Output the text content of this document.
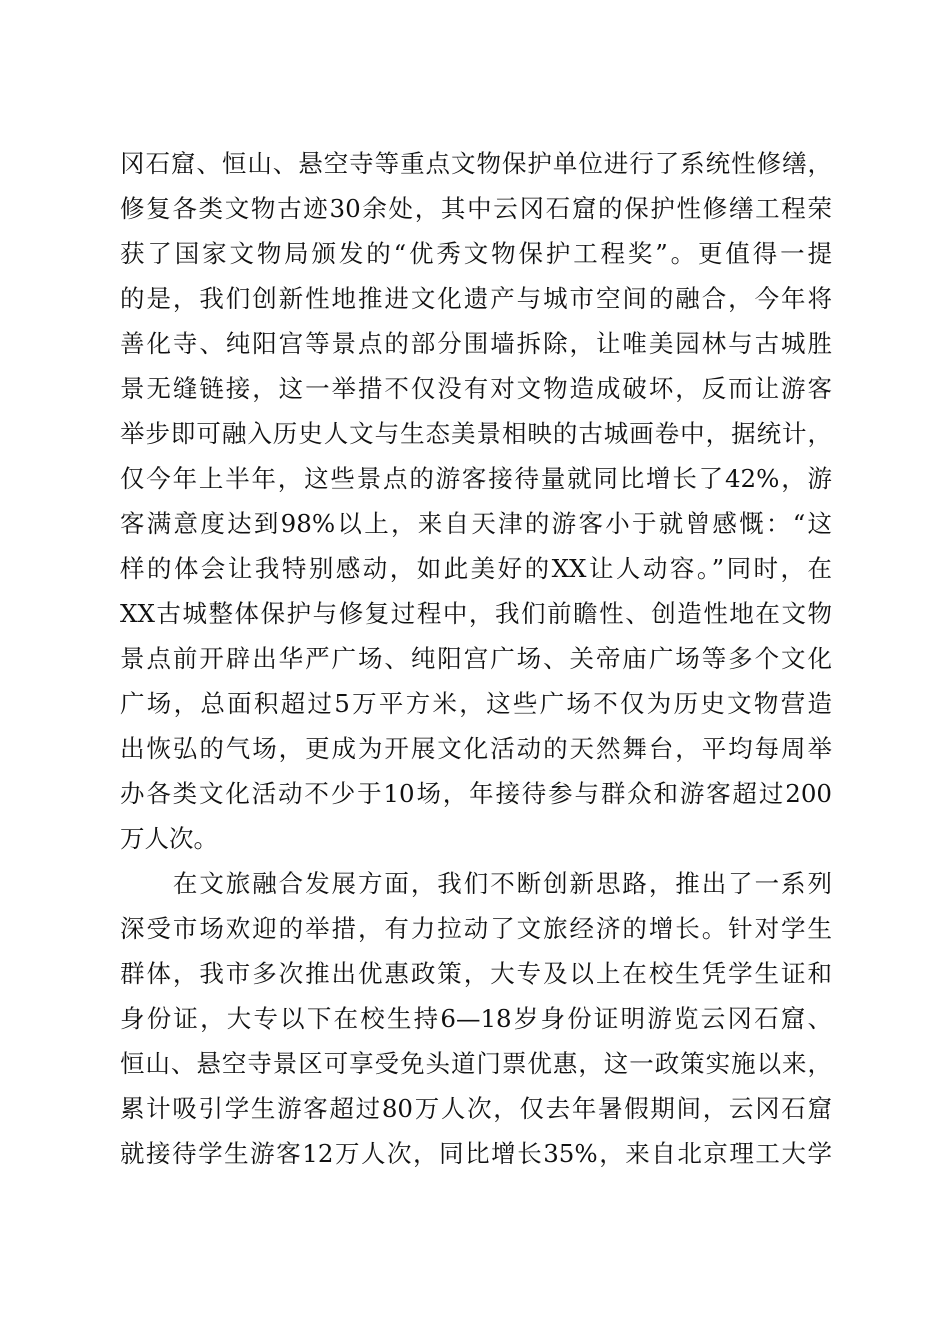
冈石窟、恒山、悬空寺等重点文物保护单位进行了系统性修缮，
修复各类文物古迹30余处，其中云冈石窟的保护性修缮工程荣
获了国家文物局颁发的“优秀文物保护工程奖”。更值得一提
的是，我们创新性地推进文化遗产与城市空间的融合，今年将
善化寺、纯阳宫等景点的部分围墙拆除，让唯美园林与古城胜
景无缝链接，这一举措不仅没有对文物造成破坏，反而让游客
举步即可融入历史人文与生态美景相映的古城画卷中，据统计，
仅今年上半年，这些景点的游客接待量就同比增长了42%，游
客满意度达到98%以上，来自天津的游客小于就曾感慨：“这
样的体会让我特别感动，如此美好的XX让人动容。”同时，在
XX古城整体保护与修复过程中，我们前瞻性、创造性地在文物
景点前开辟出华严广场、纯阳宫广场、关帝庙广场等多个文化
广场，总面积超过5万平方米，这些广场不仅为历史文物营造
出恢弘的气场，更成为开展文化活动的天然舞台，平均每周举
办各类文化活动不少于10场，年接待参与群众和游客超过200
万人次。
　　在文旅融合发展方面，我们不断创新思路，推出了一系列
深受市场欢迎的举措，有力拉动了文旅经济的增长。针对学生
群体，我市多次推出优惠政策，大专及以上在校生凭学生证和
身份证，大专以下在校生持6—18岁身份证明游览云冈石窟、
恒山、悬空寺景区可享受免头道门票优惠，这一政策实施以来，
累计吸引学生游客超过80万人次，仅去年暑假期间，云冈石窟
就接待学生游客12万人次，同比增长35%，来自北京理工大学
